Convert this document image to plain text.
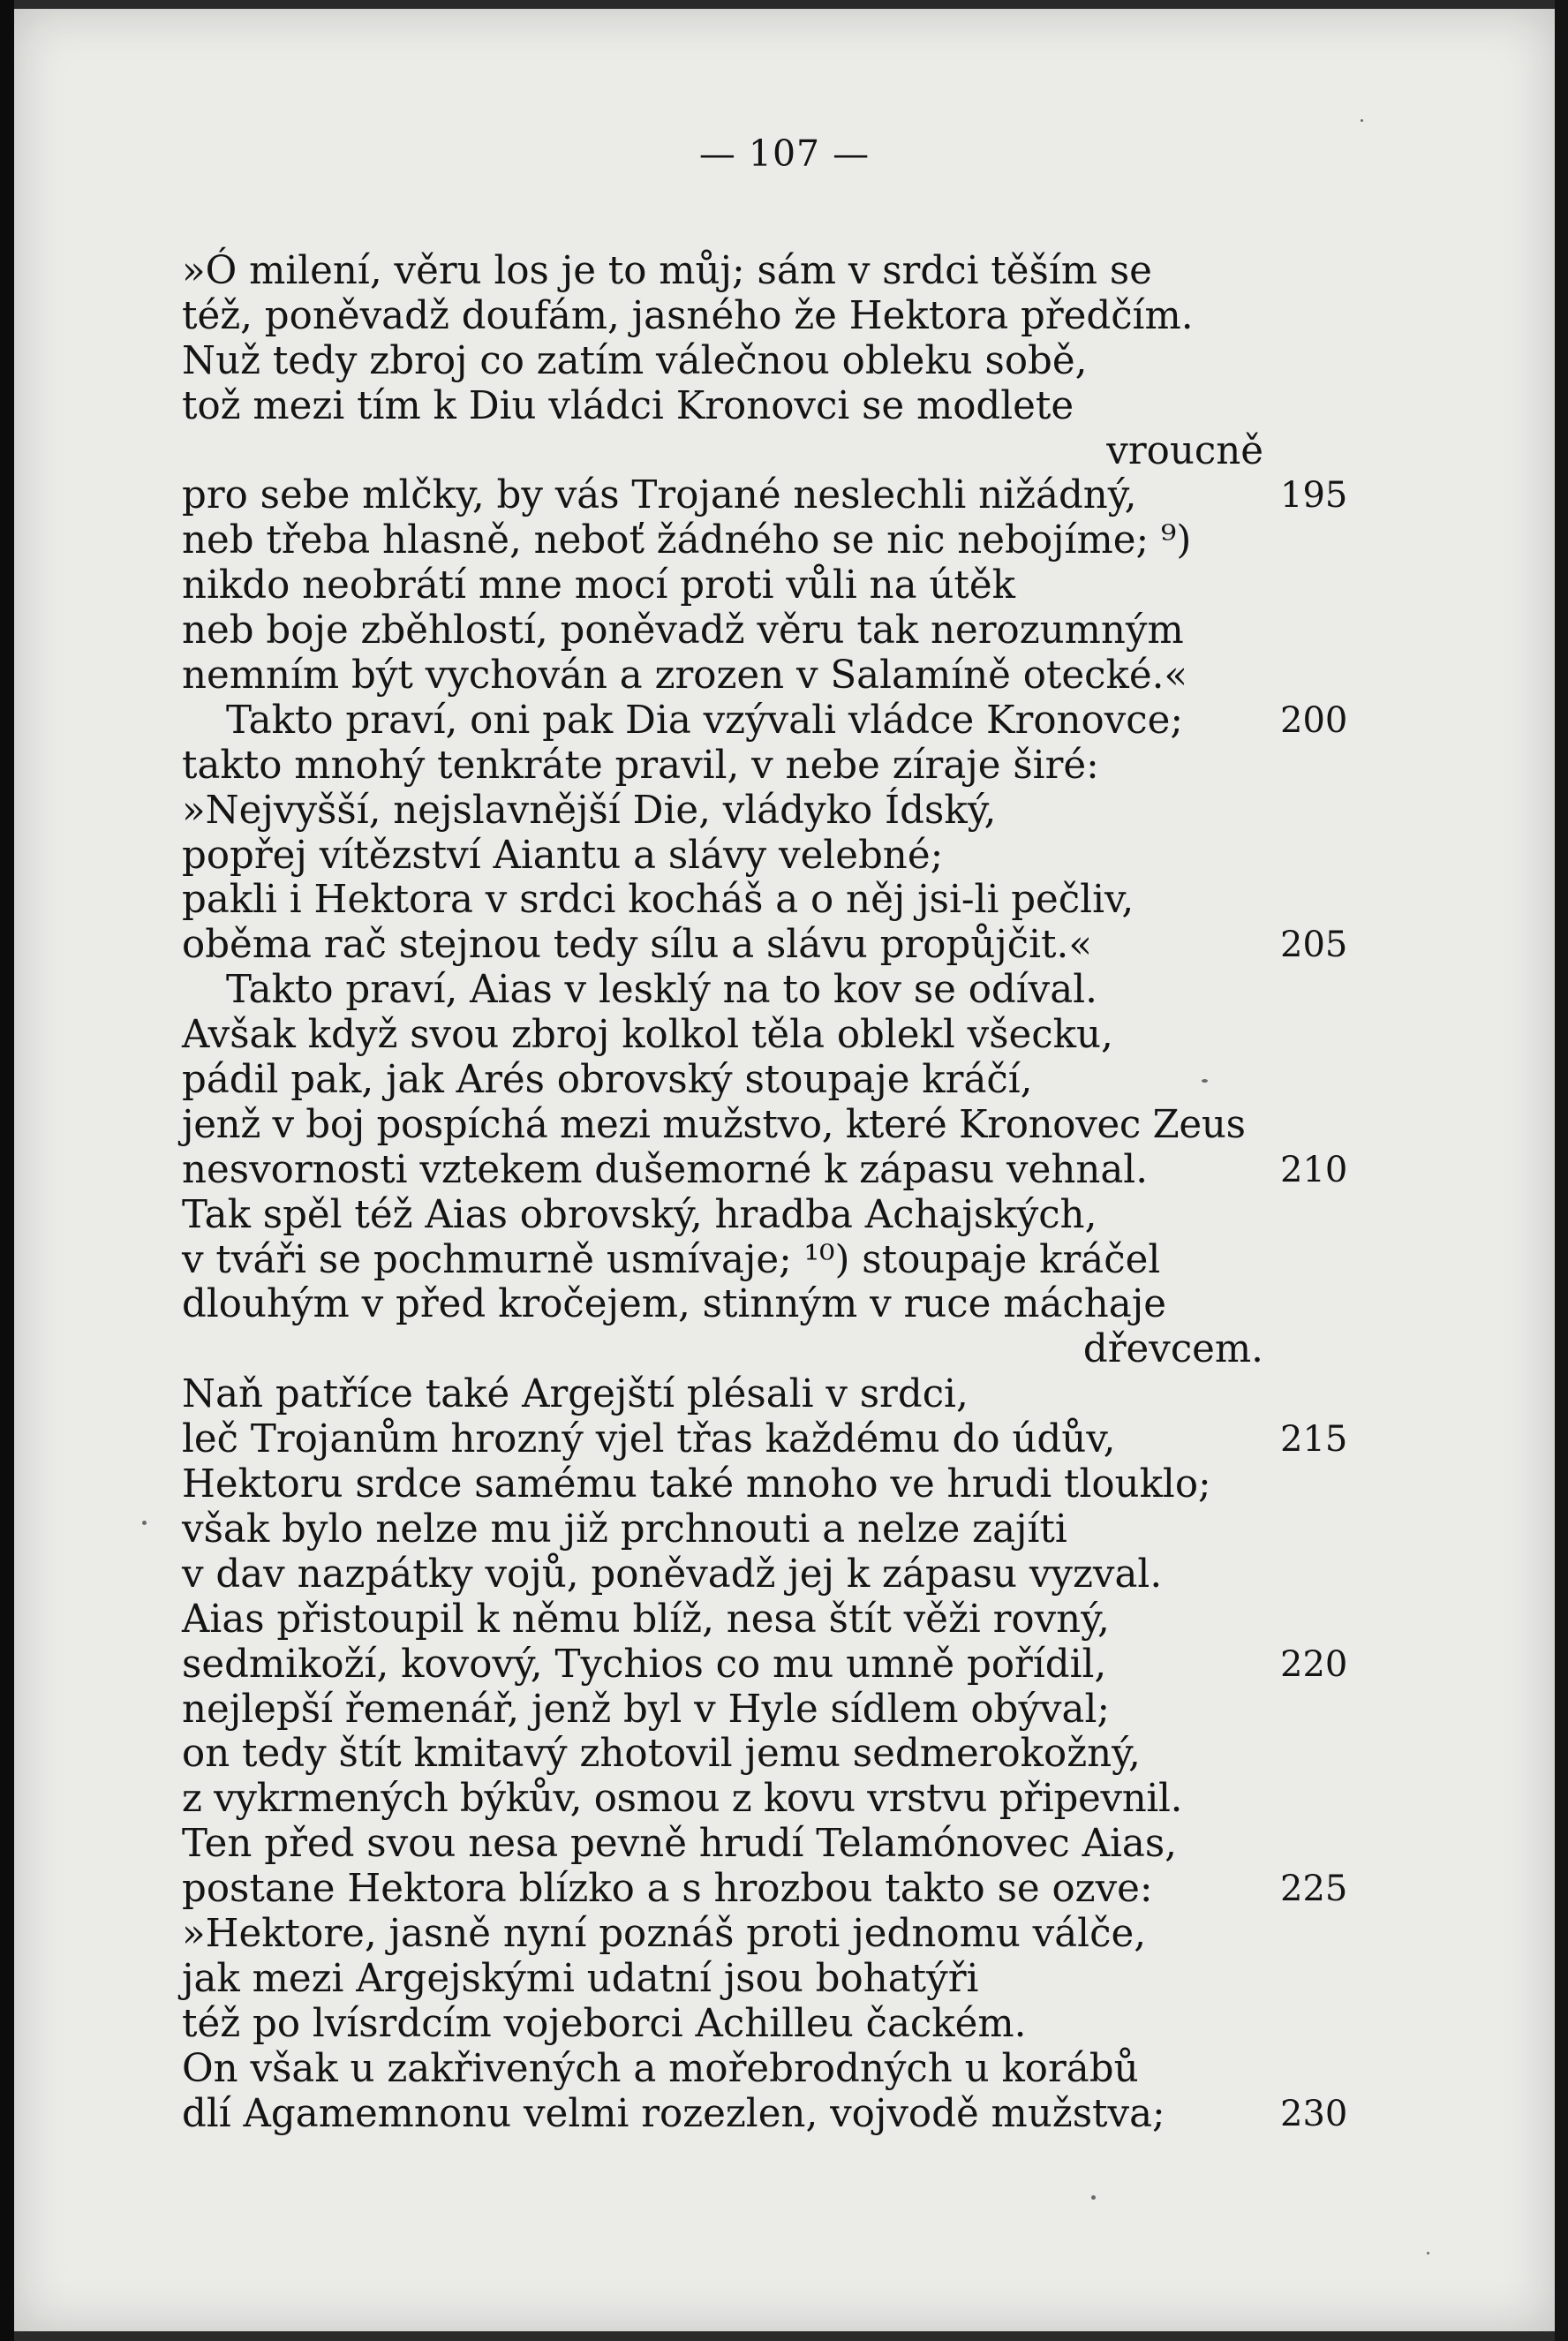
— 107 —
»Ó milení, věru los je to můj; sám v srdci těším se
též, poněvadž doufám, jasného že Hektora předčím.
Nuž tedy zbroj co zatím válečnou obleku sobě,
tož mezi tím k Diu vládci Kronovci se modlete
vroucně
pro sebe mlčky, by vás Trojané neslechli nižádný,	195
neb třeba hlasně, neboť žádného se nic nebojíme; ⁹)
nikdo neobrátí mne mocí proti vůli na útěk
neb boje zběhlostí, poněvadž věru tak nerozumným
nemním být vychován a zrozen v Salamíně otecké.«
Takto praví, oni pak Dia vzývali vládce Kronovce;	200
takto mnohý tenkráte pravil, v nebe zíraje širé:
»Nejvyšší, nejslavnější Die, vládyko Ídský,
popřej vítězství Aiantu a slávy velebné;
pakli i Hektora v srdci kocháš a o něj jsi-li pečliv,
oběma rač stejnou tedy sílu a slávu propůjčit.«	205
Takto praví, Aias v lesklý na to kov se odíval.
Avšak když svou zbroj kolkol těla oblekl všecku,
pádil pak, jak Arés obrovský stoupaje kráčí,
jenž v boj pospíchá mezi mužstvo, které Kronovec Zeus
nesvornosti vztekem dušemorné k zápasu vehnal.	210
Tak spěl též Aias obrovský, hradba Achajských,
v tváři se pochmurně usmívaje; ¹⁰) stoupaje kráčel
dlouhým v před kročejem, stinným v ruce máchaje
dřevcem.
Naň patříce také Argejští plésali v srdci,
leč Trojanům hrozný vjel třas každému do údův,	215
Hektoru srdce samému také mnoho ve hrudi tlouklo;
však bylo nelze mu již prchnouti a nelze zajíti
v dav nazpátky vojů, poněvadž jej k zápasu vyzval.
Aias přistoupil k němu blíž, nesa štít věži rovný,
sedmikoží, kovový, Tychios co mu umně pořídil,	220
nejlepší řemenář, jenž byl v Hyle sídlem obýval;
on tedy štít kmitavý zhotovil jemu sedmerokožný,
z vykrmených býkův, osmou z kovu vrstvu připevnil.
Ten před svou nesa pevně hrudí Telamónovec Aias,
postane Hektora blízko a s hrozbou takto se ozve:	225
»Hektore, jasně nyní poznáš proti jednomu válče,
jak mezi Argejskými udatní jsou bohatýři
též po lvísrdcím vojeborci Achilleu čackém.
On však u zakřivených a mořebrodných u korábů
dlí Agamemnonu velmi rozezlen, vojvodě mužstva;	230
